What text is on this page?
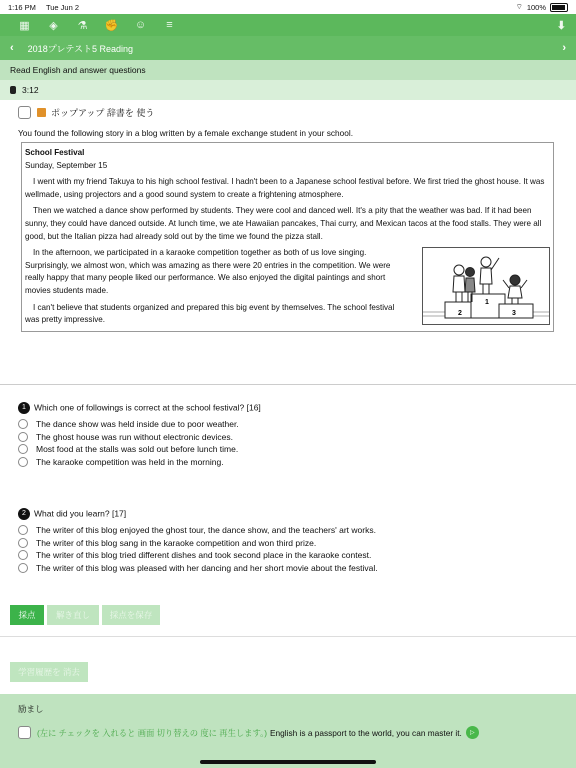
1:16 PM Tue Jun 2	⌔ 100%
▦	◈	⚗	✊	☺	≡	⬇
‹ 2018プレテスト5 Reading	›
Read English and answer questions
3:12
ポップアップ 辞書を 使う
You found the following story in a blog written by a female exchange student in your school.

School Festival

Sunday, September 15

I went with my friend Takuya to his high school festival. I hadn't been to a Japanese school festival before. We first tried the ghost house. It was wellmade, using projectors and a good sound system to create a frightening atmosphere.

Then we watched a dance show performed by students. They were cool and danced well. It's a pity that the weather was bad. If it had been sunny, they could have danced outside. At lunch time, we ate Hawaiian pancakes, Thai curry, and Mexican tacos at the food stalls. They were all good, but the Italian pizza had already sold out by the time we found the pizza stall.

In the afternoon, we participated in a karaoke competition together as both of us love singing. Surprisingly, we almost won, which was amazing as there were 20 entries in the competition. We were really happy that many people liked our performance. We also enjoyed the digital paintings and short movies students made.

I can't believe that students organized and prepared this big event by themselves. The school festival was pretty impressive.

2
1
3
1 Which one of followings is correct at the school festival? [16]
The dance show was held inside due to poor weather.
The ghost house was run without electronic devices.
Most food at the stalls was sold out before lunch time.
The karaoke competition was held in the morning.
2 What did you learn? [17]
The writer of this blog enjoyed the ghost tour, the dance show, and the teachers' art works.
The writer of this blog sang in the karaoke competition and won third prize.
The writer of this blog tried different dishes and took second place in the karaoke contest.
The writer of this blog was pleased with her dancing and her short movie about the festival.
採点	解き直し	採点を保存
学習履歴を 消去
励まし
(左に チェックを 入れると 画面 切り替えの 度に 再生します。) English is a passport to the world, you can master it.	▷
